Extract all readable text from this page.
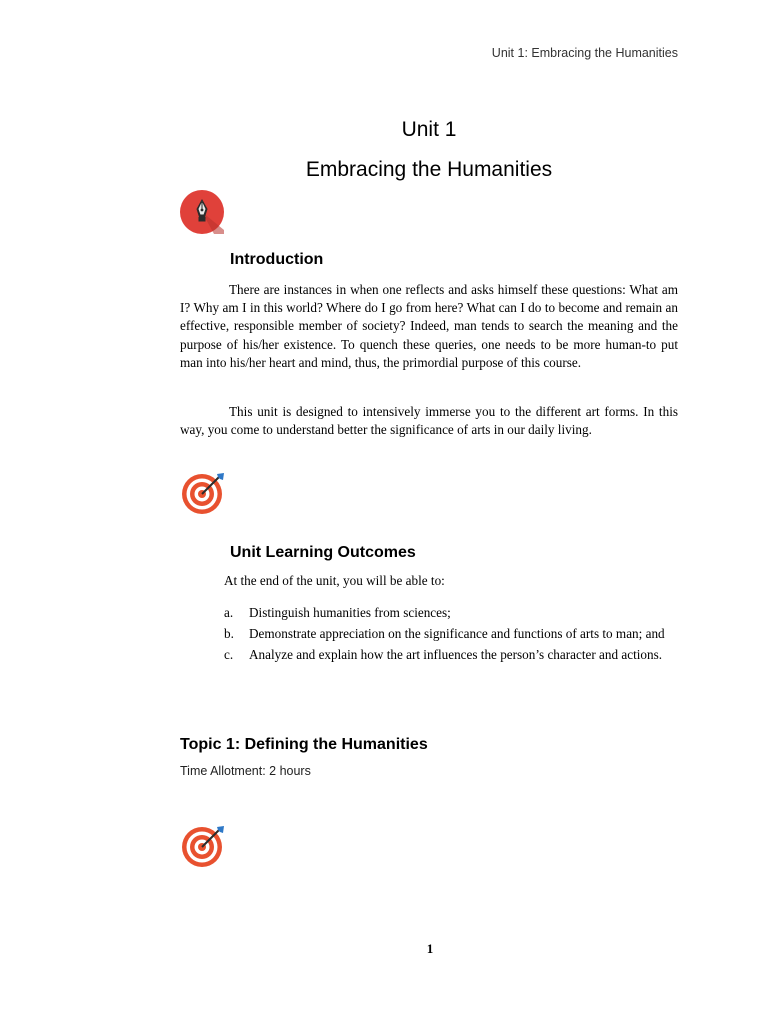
Unit 1: Embracing the Humanities
Unit 1
Embracing the Humanities
Introduction
There are instances in when one reflects and asks himself these questions: What am I? Why am I in this world? Where do I go from here? What can I do to become and remain an effective, responsible member of society? Indeed, man tends to search the meaning and the purpose of his/her existence. To quench these queries, one needs to be more human-to put man into his/her heart and mind, thus, the primordial purpose of this course.
This unit is designed to intensively immerse you to the different art forms. In this way, you come to understand better the significance of arts in our daily living.
Unit Learning Outcomes
At the end of the unit, you will be able to:
a.	Distinguish humanities from sciences;
b.	Demonstrate appreciation on the significance and functions of arts to man; and
c.	Analyze and explain how the art influences the person’s character and actions.
Topic 1: Defining the Humanities
Time Allotment: 2 hours
1
